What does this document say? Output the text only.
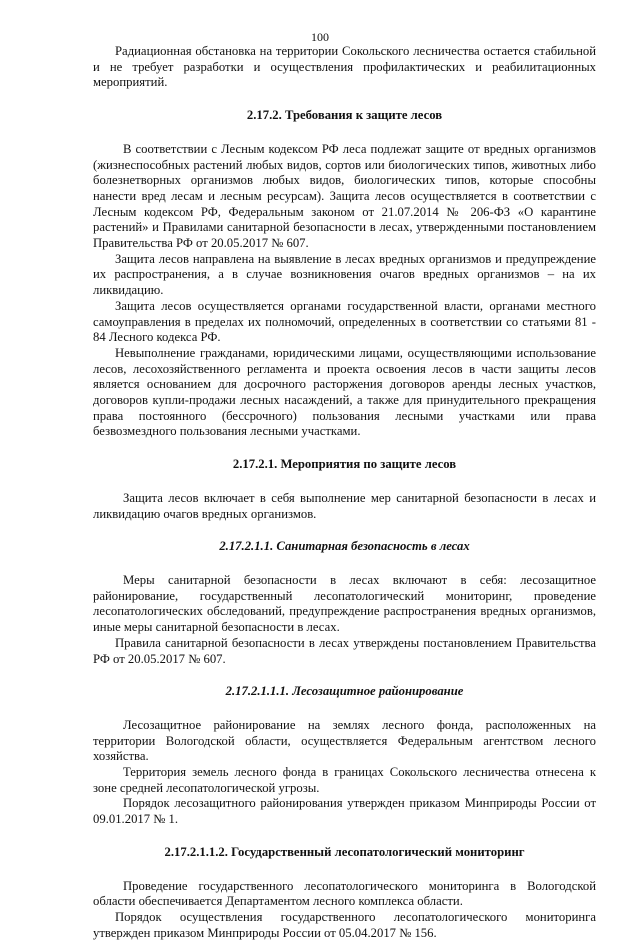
100

Радиационная обстановка на территории Сокольского лесничества остается стабильной и не требует разработки и осуществления профилактических и реабилитационных мероприятий.

2.17.2. Требования к защите лесов

В соответствии с Лесным кодексом РФ леса подлежат защите от вредных организмов (жизнеспособных растений любых видов, сортов или биологических типов, животных либо болезнетворных организмов любых видов, биологических типов, которые способны нанести вред лесам и лесным ресурсам). Защита лесов осуществляется в соответствии с Лесным кодексом РФ, Федеральным законом от 21.07.2014 № 206-ФЗ «О карантине растений» и Правилами санитарной безопасности в лесах, утвержденными постановлением Правительства РФ от 20.05.2017 № 607.

Защита лесов направлена на выявление в лесах вредных организмов и предупреждение их распространения, а в случае возникновения очагов вредных организмов – на их ликвидацию.

Защита лесов осуществляется органами государственной власти, органами местного самоуправления в пределах их полномочий, определенных в соответствии со статьями 81 - 84 Лесного кодекса РФ.

Невыполнение гражданами, юридическими лицами, осуществляющими использование лесов, лесохозяйственного регламента и проекта освоения лесов в части защиты лесов является основанием для досрочного расторжения договоров аренды лесных участков, договоров купли-продажи лесных насаждений, а также для принудительного прекращения права постоянного (бессрочного) пользования лесными участками или права безвозмездного пользования лесными участками.

2.17.2.1. Мероприятия по защите лесов

Защита лесов включает в себя выполнение мер санитарной безопасности в лесах и ликвидацию очагов вредных организмов.

2.17.2.1.1. Санитарная безопасность в лесах

Меры санитарной безопасности в лесах включают в себя: лесозащитное районирование, государственный лесопатологический мониторинг, проведение лесопатологических обследований, предупреждение распространения вредных организмов, иные меры санитарной безопасности в лесах.

Правила санитарной безопасности в лесах утверждены постановлением Правительства РФ от 20.05.2017 № 607.

2.17.2.1.1.1. Лесозащитное районирование

Лесозащитное районирование на землях лесного фонда, расположенных на территории Вологодской области, осуществляется Федеральным агентством лесного хозяйства.

Территория земель лесного фонда в границах Сокольского лесничества отнесена к зоне средней лесопатологической угрозы.

Порядок лесозащитного районирования утвержден приказом Минприроды России от 09.01.2017 № 1.

2.17.2.1.1.2. Государственный лесопатологический мониторинг

Проведение государственного лесопатологического мониторинга в Вологодской области обеспечивается Департаментом лесного комплекса области.

Порядок осуществления государственного лесопатологического мониторинга утвержден приказом Минприроды России от 05.04.2017 № 156.
